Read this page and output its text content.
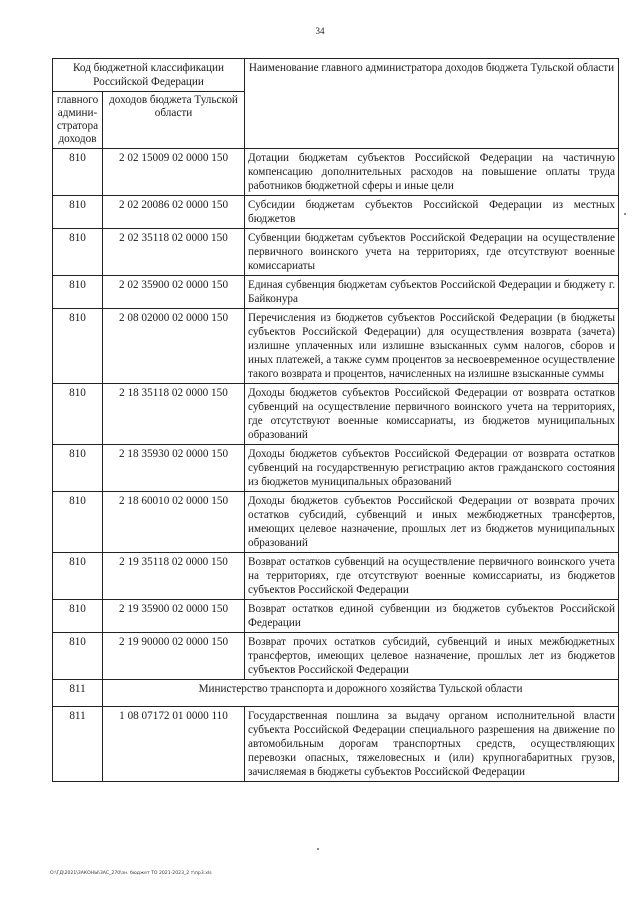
34
Код бюджетной классификации Российской Федерации		Наименование главного администратора доходов бюджета Тульской области
главного админи-стратора доходов	доходов бюджета Тульской области	
810	2 02 15009 02 0000 150	Дотации бюджетам субъектов Российской Федерации на частичную компенсацию дополнительных расходов на повышение оплаты труда работников бюджетной сферы и иные цели
810	2 02 20086 02 0000 150	Субсидии бюджетам субъектов Российской Федерации из местных бюджетов
810	2 02 35118 02 0000 150	Субвенции бюджетам субъектов Российской Федерации на осуществление первичного воинского учета на территориях, где отсутствуют военные комиссариаты
810	2 02 35900 02 0000 150	Единая субвенция бюджетам субъектов Российской Федерации и бюджету г. Байконура
810	2 08 02000 02 0000 150	Перечисления из бюджетов субъектов Российской Федерации (в бюджеты субъектов Российской Федерации) для осуществления возврата (зачета) излишне уплаченных или излишне взысканных сумм налогов, сборов и иных платежей, а также сумм процентов за несвоевременное осуществление такого возврата и процентов, начисленных на излишне взысканные суммы
810	2 18 35118 02 0000 150	Доходы бюджетов субъектов Российской Федерации от возврата остатков субвенций на осуществление первичного воинского учета на территориях, где отсутствуют военные комиссариаты, из бюджетов муниципальных образований
810	2 18 35930 02 0000 150	Доходы бюджетов субъектов Российской Федерации от возврата остатков субвенций на государственную регистрацию актов гражданского состояния из бюджетов муниципальных образований
810	2 18 60010 02 0000 150	Доходы бюджетов субъектов Российской Федерации от возврата прочих остатков субсидий, субвенций и иных межбюджетных трансфертов, имеющих целевое назначение, прошлых лет из бюджетов муниципальных образований
810	2 19 35118 02 0000 150	Возврат остатков субвенций на осуществление первичного воинского учета на территориях, где отсутствуют военные комиссариаты, из бюджетов субъектов Российской Федерации
810	2 19 35900 02 0000 150	Возврат остатков единой субвенции из бюджетов субъектов Российской Федерации
810	2 19 90000 02 0000 150	Возврат прочих остатков субсидий, субвенций и иных межбюджетных трансфертов, имеющих целевое назначение, прошлых лет из бюджетов субъектов Российской Федерации
811	Министерство транспорта и дорожного хозяйства Тульской области	
811	1 08 07172 01 0000 110	Государственная пошлина за выдачу органом исполнительной власти субъекта Российской Федерации специального разрешения на движение по автомобильным дорогам транспортных средств, осуществляющих перевозки опасных, тяжеловесных и (или) крупногабаритных грузов, зачисляемая в бюджеты субъектов Российской Федерации
O:\ГД\2021\ЗАКОНЫ\ЗАС_270\зн. бюджет ТО 2021-2023_2 т\пр3.xls
